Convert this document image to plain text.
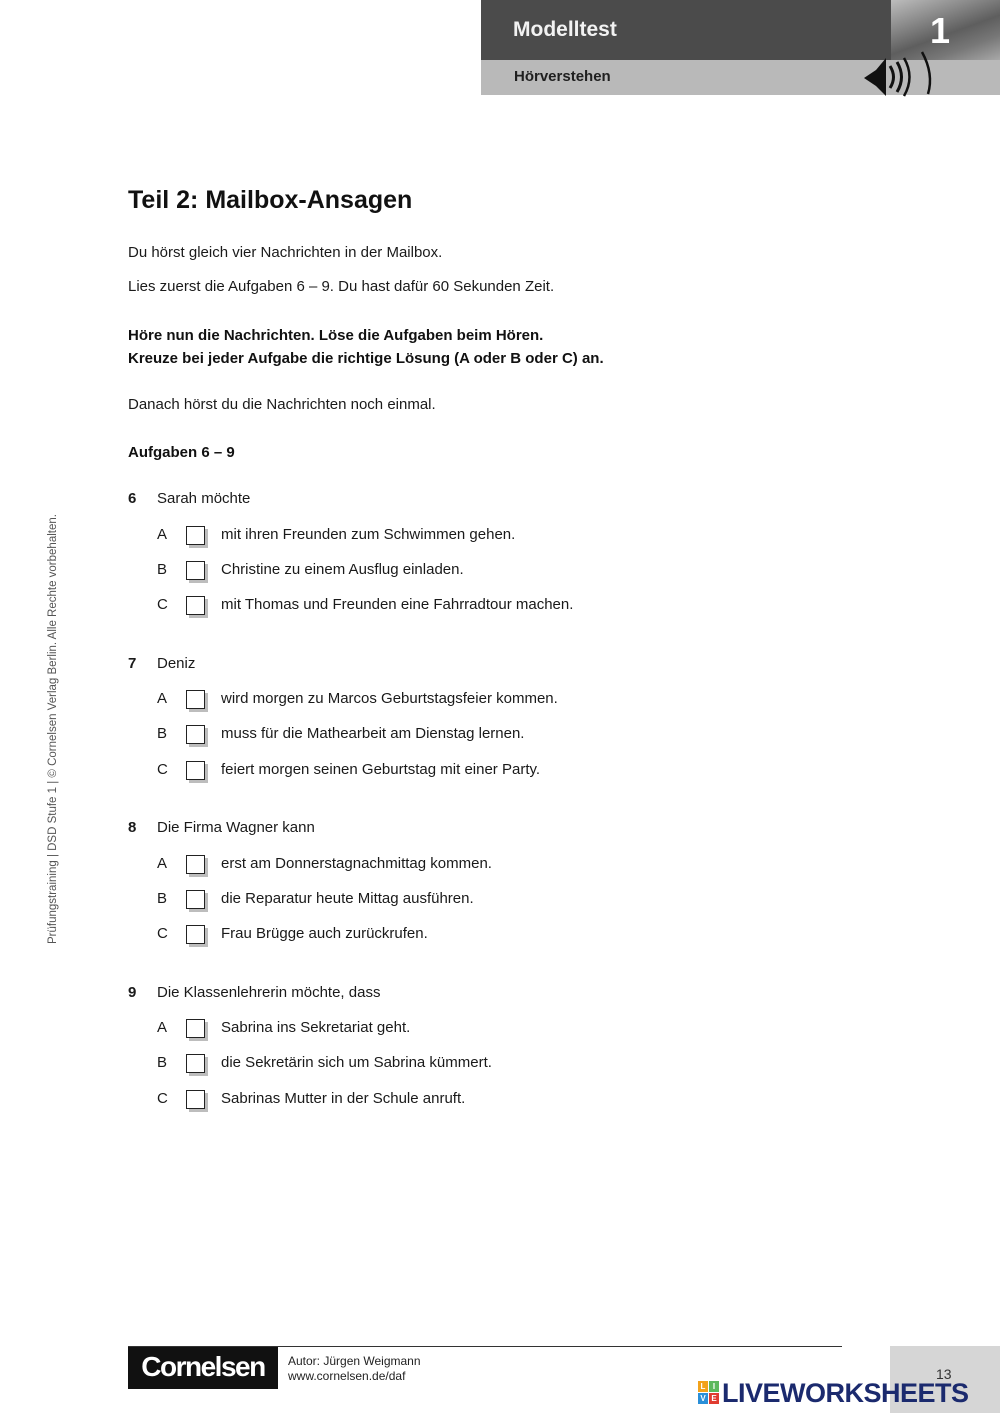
Modelltest
Hörverstehen
1
Prüfungstraining | DSD Stufe 1 | © Cornelsen Verlag Berlin. Alle Rechte vorbehalten.
Teil 2: Mailbox-Ansagen
Du hörst gleich vier Nachrichten in der Mailbox.
Lies zuerst die Aufgaben 6 – 9. Du hast dafür 60 Sekunden Zeit.
Höre nun die Nachrichten. Löse die Aufgaben beim Hören.
Kreuze bei jeder Aufgabe die richtige Lösung (A oder B oder C) an.
Danach hörst du die Nachrichten noch einmal.
Aufgaben 6 – 9
6 Sarah möchte
A	mit ihren Freunden zum Schwimmen gehen.
B	Christine zu einem Ausflug einladen.
C	mit Thomas und Freunden eine Fahrradtour machen.
7 Deniz
A	wird morgen zu Marcos Geburtstagsfeier kommen.
B	muss für die Mathearbeit am Dienstag lernen.
C	feiert morgen seinen Geburtstag mit einer Party.
8 Die Firma Wagner kann
A	erst am Donnerstagnachmittag kommen.
B	die Reparatur heute Mittag ausführen.
C	Frau Brügge auch zurückrufen.
9 Die Klassenlehrerin möchte, dass
A	Sabrina ins Sekretariat geht.
B	die Sekretärin sich um Sabrina kümmert.
C	Sabrinas Mutter in der Schule anruft.
Cornelsen	Autor: Jürgen Weigmann
www.cornelsen.de/daf	13
L I
V E LIVEWORKSHEETS
